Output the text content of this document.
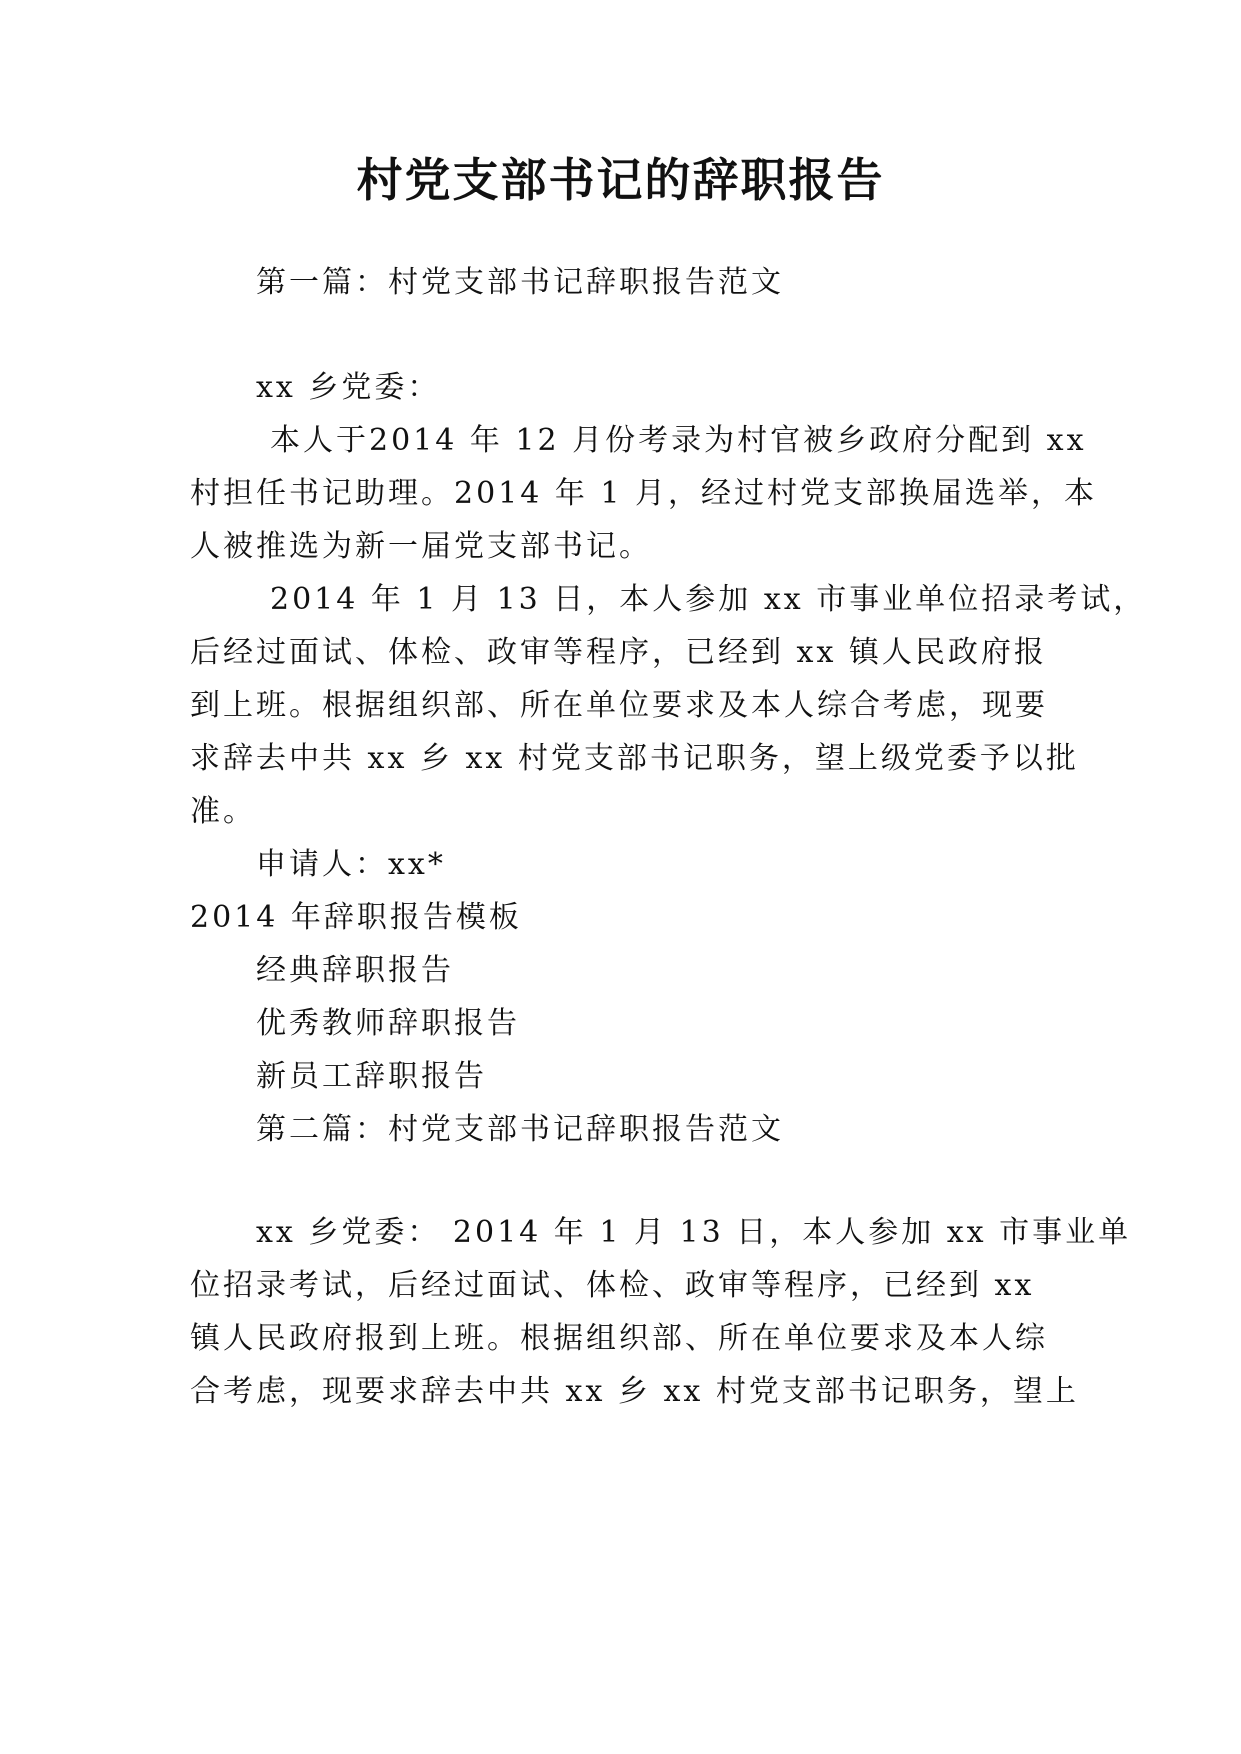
村党支部书记的辞职报告
第一篇：村党支部书记辞职报告范文
xx 乡党委：
本人于2014 年 12 月份考录为村官被乡政府分配到 xx
村担任书记助理。2014 年 1 月，经过村党支部换届选举，本
人被推选为新一届党支部书记。
2014 年 1 月 13 日，本人参加 xx 市事业单位招录考试，
后经过面试、体检、政审等程序，已经到 xx 镇人民政府报
到上班。根据组织部、所在单位要求及本人综合考虑，现要
求辞去中共 xx 乡 xx 村党支部书记职务，望上级党委予以批
准。
申请人：xx*
2014 年辞职报告模板
经典辞职报告
优秀教师辞职报告
新员工辞职报告
第二篇：村党支部书记辞职报告范文
xx 乡党委： 2014 年 1 月 13 日，本人参加 xx 市事业单
位招录考试，后经过面试、体检、政审等程序，已经到 xx
镇人民政府报到上班。根据组织部、所在单位要求及本人综
合考虑，现要求辞去中共 xx 乡 xx 村党支部书记职务，望上
